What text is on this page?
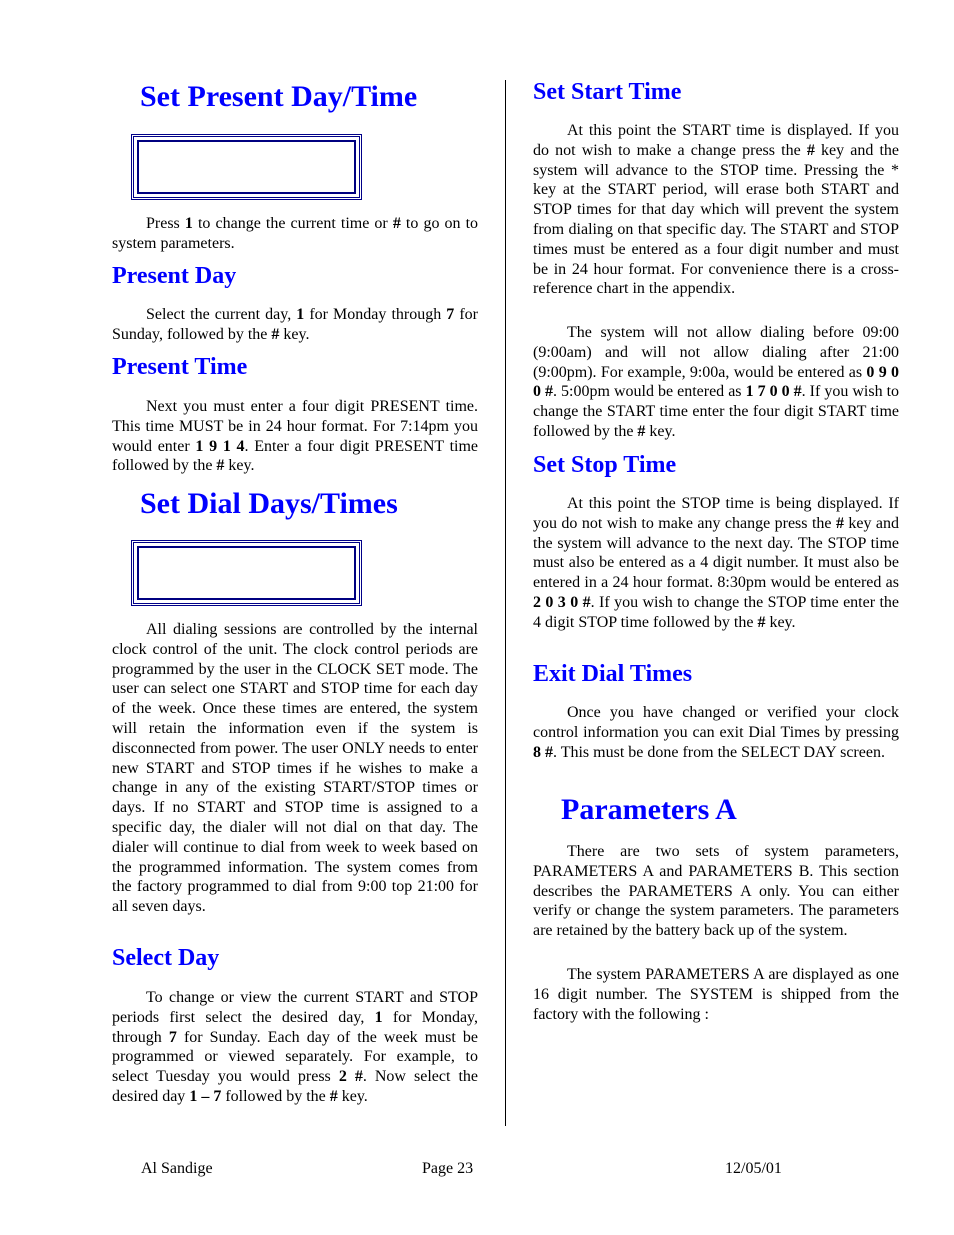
Set Present Day/Time

Press 1 to change the current time or # to go on to system parameters.

Present Day

Select the current day, 1 for Monday through 7 for Sunday, followed by the # key.

Present Time

Next you must enter a four digit PRESENT time. This time MUST be in 24 hour format. For 7:14pm you would enter 1 9 1 4. Enter a four digit PRESENT time followed by the # key.

Set Dial Days/Times

All dialing sessions are controlled by the internal clock control of the unit. The clock control periods are programmed by the user in the CLOCK SET mode. The user can select one START and STOP time for each day of the week. Once these times are entered, the system will retain the information even if the system is disconnected from power. The user ONLY needs to enter new START and STOP times if he wishes to make a change in any of the existing START/STOP times or days. If no START and STOP time is assigned to a specific day, the dialer will not dial on that day. The dialer will continue to dial from week to week based on the programmed information. The system comes from the factory programmed to dial from 9:00 top 21:00 for all seven days.

Select Day

To change or view the current START and STOP periods first select the desired day, 1 for Monday, through 7 for Sunday. Each day of the week must be programmed or viewed separately. For example, to select Tuesday you would press 2 #. Now select the desired day 1 – 7 followed by the # key.

Set Start Time

At this point the START time is displayed. If you do not wish to make a change press the # key and the system will advance to the STOP time. Pressing the * key at the START period, will erase both START and STOP times for that day which will prevent the system from dialing on that specific day. The START and STOP times must be entered as a four digit number and must be in 24 hour format. For convenience there is a cross-reference chart in the appendix.

The system will not allow dialing before 09:00 (9:00am) and will not allow dialing after 21:00 (9:00pm). For example, 9:00a, would be entered as 0 9 0 0 #. 5:00pm would be entered as 1 7 0 0 #. If you wish to change the START time enter the four digit START time followed by the # key.

Set Stop Time

At this point the STOP time is being displayed. If you do not wish to make any change press the # key and the system will advance to the next day. The STOP time must also be entered as a 4 digit number. It must also be entered in a 24 hour format. 8:30pm would be entered as 2 0 3 0 #. If you wish to change the STOP time enter the 4 digit STOP time followed by the # key.

Exit Dial Times

Once you have changed or verified your clock control information you can exit Dial Times by pressing 8 #. This must be done from the SELECT DAY screen.

Parameters A

There are two sets of system parameters, PARAMETERS A and PARAMETERS B. This section describes the PARAMETERS A only. You can either verify or change the system parameters. The parameters are retained by the battery back up of the system.

The system PARAMETERS A are displayed as one 16 digit number. The SYSTEM is shipped from the factory with the following :

Al Sandige	Page 23	12/05/01
